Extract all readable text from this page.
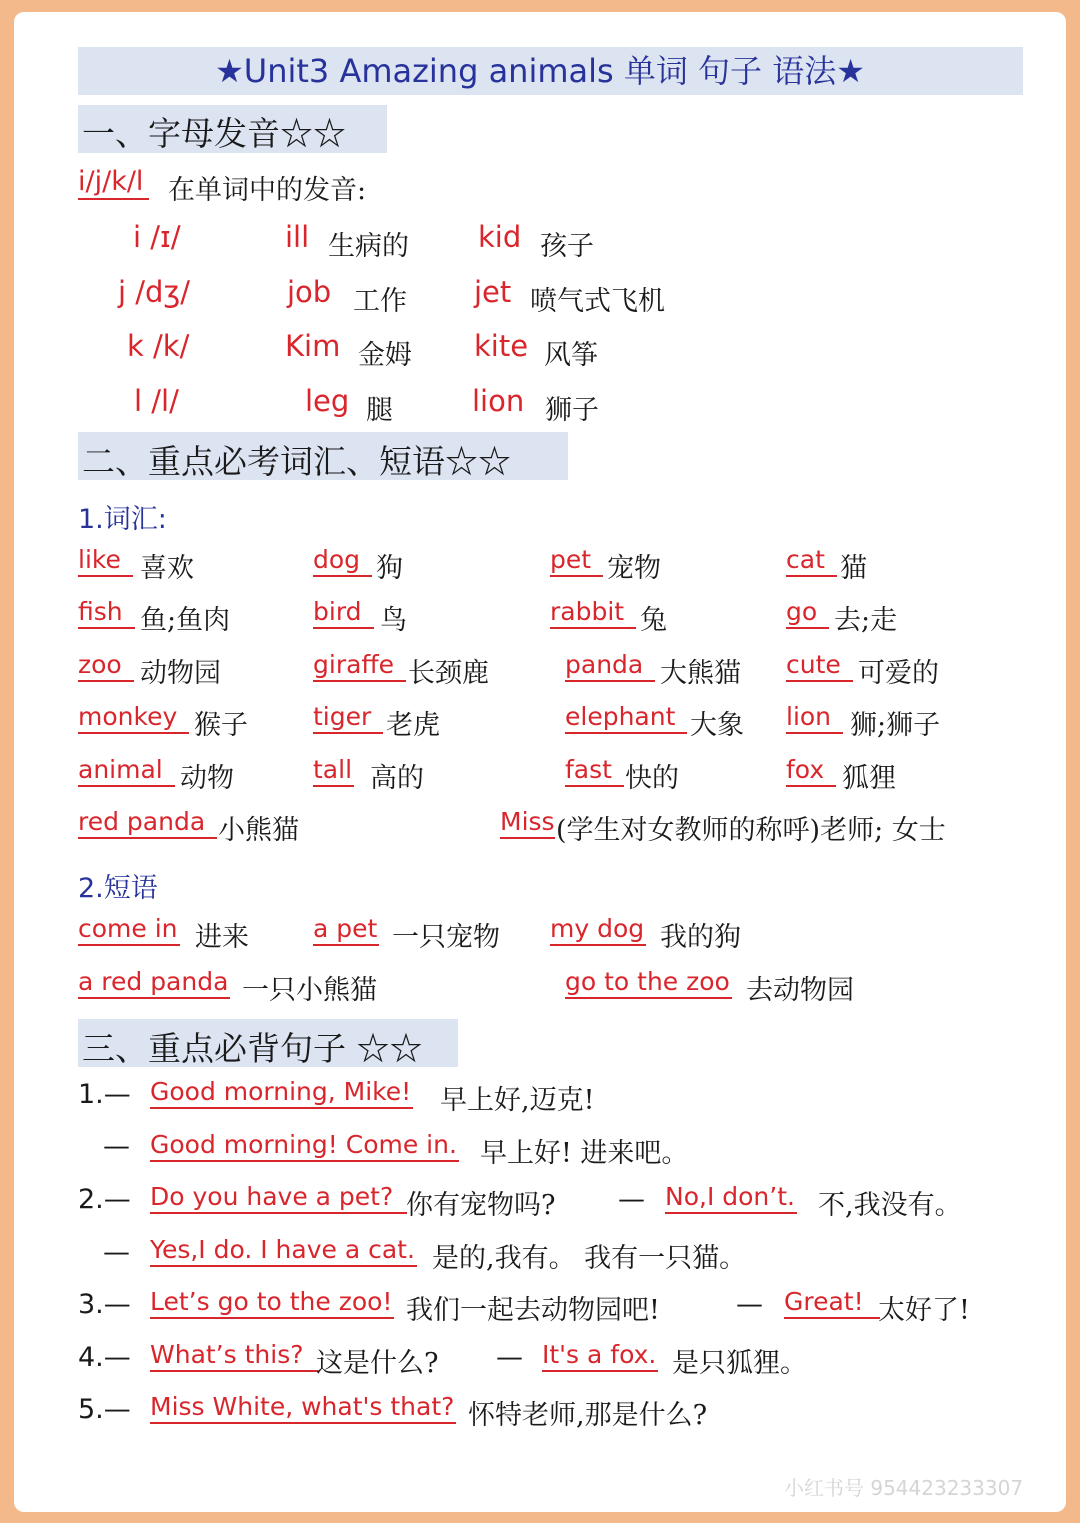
★Unit3 Amazing animals 单词 句子 语法★
一、字母发音☆☆
i/j/k/l 在单词中的发音:
i /ɪ/	ill 生病的 kid 孩子
j /dʒ/	job 工作 jet 喷气式飞机
k /k/	Kim 金姆 kite 风筝
l /l/	leg 腿	lion 狮子
二、重点必考词汇、短语☆☆
1.词汇:
like 喜欢	dog 狗	pet 宠物	cat 猫
fish 鱼;鱼肉	bird 鸟	rabbit 兔	go 去;走
zoo 动物园	giraffe 长颈鹿	panda 大熊猫 cute 可爱的
monkey 猴子	tiger 老虎	elephant 大象 lion 狮;狮子
animal 动物	tall 高的	fast 快的	fox 狐狸
red panda 小熊猫	Miss (学生对女教师的称呼)老师; 女士
2.短语
come in 进来	a pet 一只宠物 my dog 我的狗
a red panda 一只小熊猫	go to the zoo 去动物园
三、重点必背句子 ☆☆
1.— Good morning, Mike! 早上好,迈克!
— Good morning! Come in. 早上好! 进来吧。
2.— Do you have a pet? 你有宠物吗? — No,I don’t. 不,我没有。
— Yes,I do. I have a cat. 是的,我有。 我有一只猫。
3.— Let’s go to the zoo! 我们一起去动物园吧!	— Great! 太好了!
4.— What’s this? 这是什么? — It's a fox. 是只狐狸。
5.— Miss White, what's that? 怀特老师,那是什么?
小红书号 954423233307
